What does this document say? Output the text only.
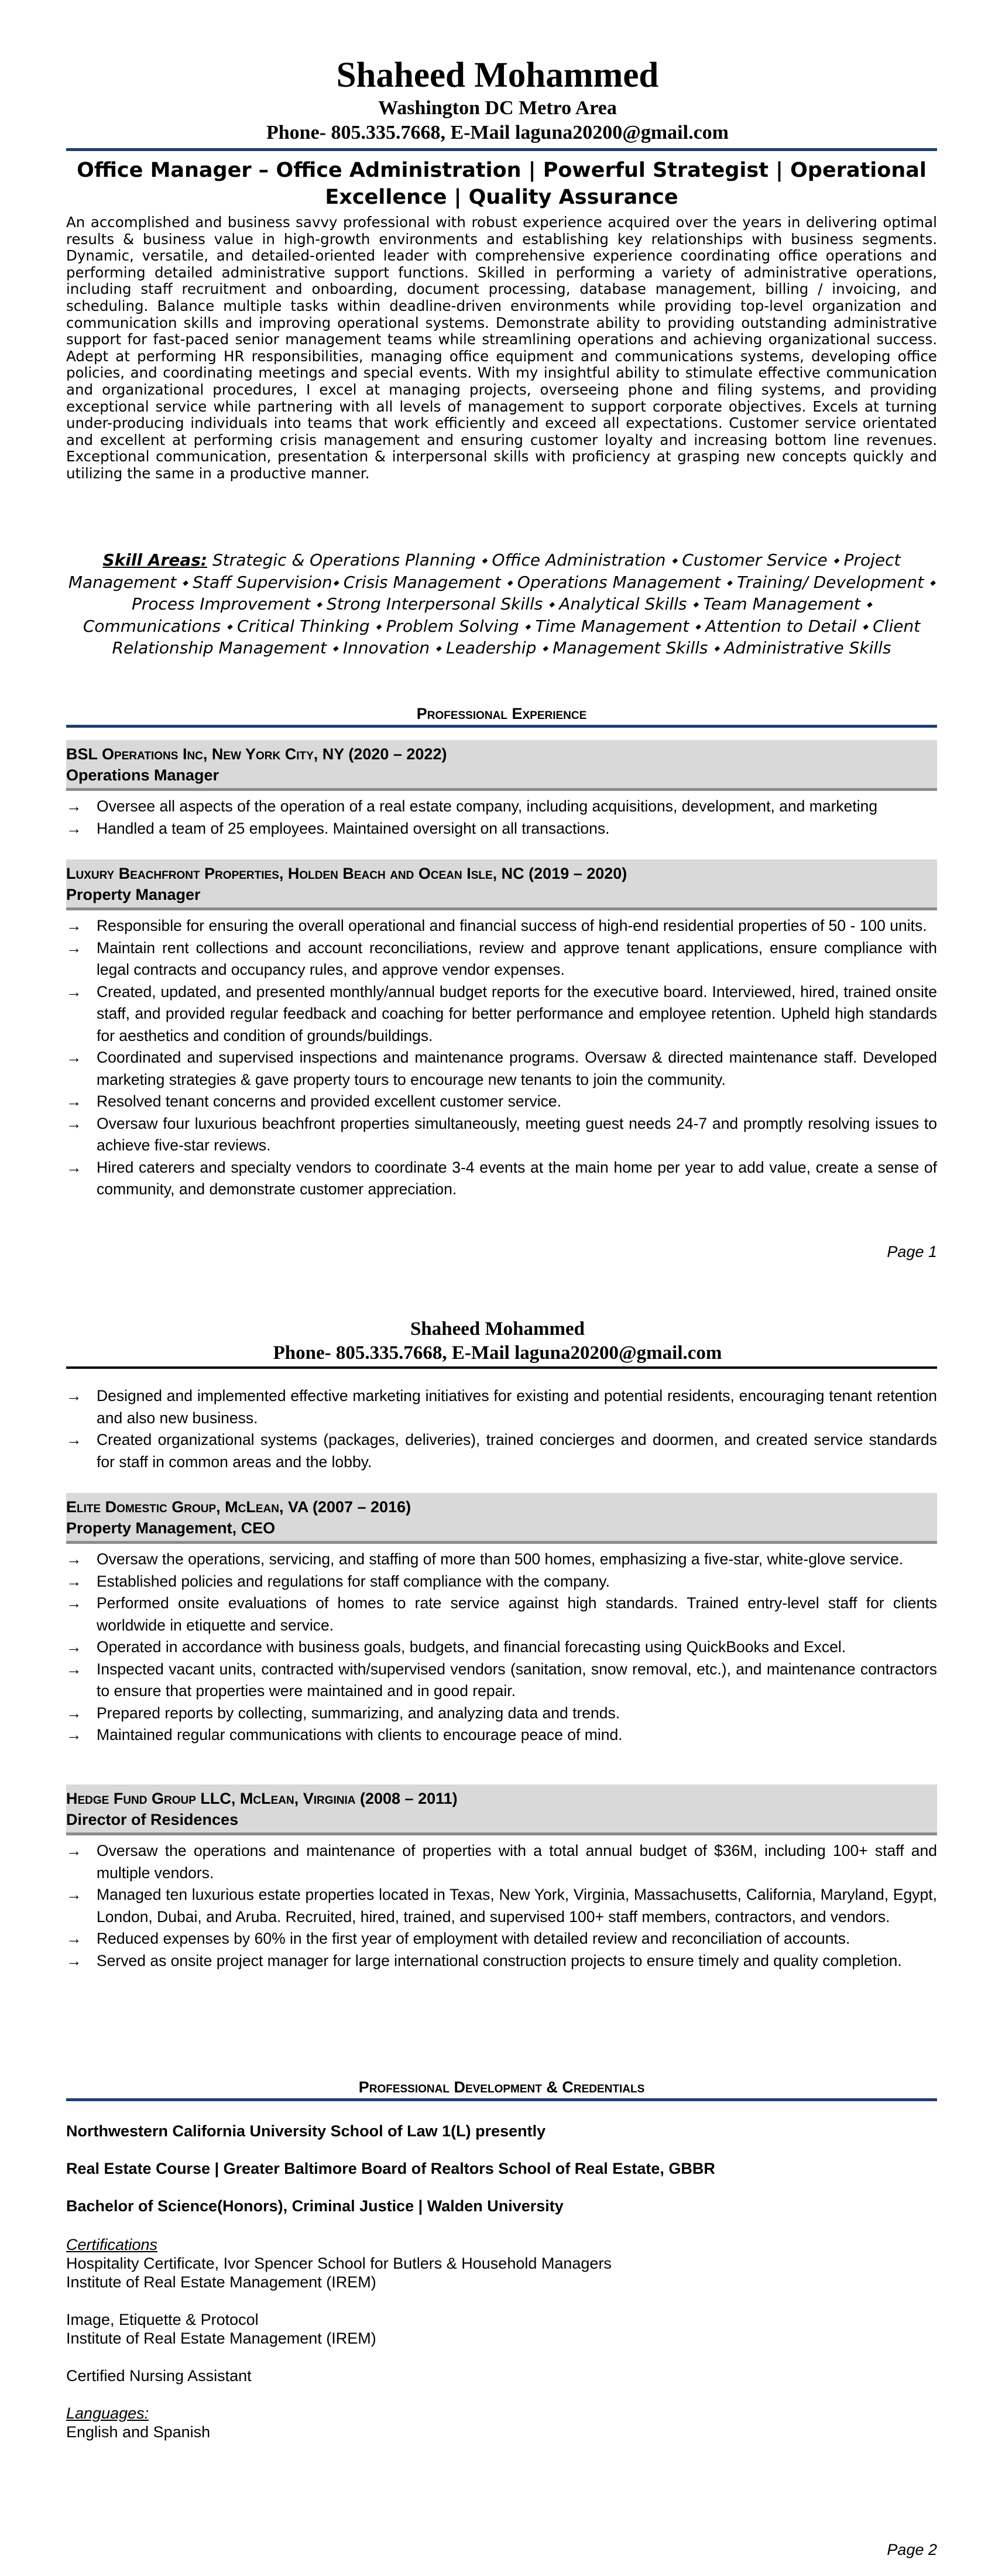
Shaheed Mohammed
Washington DC Metro Area
Phone- 805.335.7668, E-Mail laguna20200@gmail.com
Office Manager – Office Administration | Powerful Strategist | Operational Excellence | Quality Assurance
An accomplished and business savvy professional with robust experience acquired over the years in delivering optimal results & business value in high-growth environments and establishing key relationships with business segments. Dynamic, versatile, and detailed-oriented leader with comprehensive experience coordinating office operations and performing detailed administrative support functions. Skilled in performing a variety of administrative operations, including staff recruitment and onboarding, document processing, database management, billing / invoicing, and scheduling. Balance multiple tasks within deadline-driven environments while providing top-level organization and communication skills and improving operational systems. Demonstrate ability to providing outstanding administrative support for fast-paced senior management teams while streamlining operations and achieving organizational success. Adept at performing HR responsibilities, managing office equipment and communications systems, developing office policies, and coordinating meetings and special events. With my insightful ability to stimulate effective communication and organizational procedures, I excel at managing projects, overseeing phone and filing systems, and providing exceptional service while partnering with all levels of management to support corporate objectives. Excels at turning under-producing individuals into teams that work efficiently and exceed all expectations. Customer service orientated and excellent at performing crisis management and ensuring customer loyalty and increasing bottom line revenues. Exceptional communication, presentation & interpersonal skills with proficiency at grasping new concepts quickly and utilizing the same in a productive manner.
Skill Areas: Strategic & Operations Planning ⬩ Office Administration ⬩ Customer Service ⬩ Project Management ⬩ Staff Supervision⬩ Crisis Management ⬩ Operations Management ⬩ Training/ Development ⬩ Process Improvement ⬩ Strong Interpersonal Skills ⬩ Analytical Skills ⬩ Team Management ⬩ Communications ⬩ Critical Thinking ⬩ Problem Solving ⬩ Time Management ⬩ Attention to Detail ⬩ Client Relationship Management ⬩ Innovation ⬩ Leadership ⬩ Management Skills ⬩ Administrative Skills
Professional Experience
BSL Operations Inc, New York City, NY (2020 – 2022)
Operations Manager
→ Oversee all aspects of the operation of a real estate company, including acquisitions, development, and marketing
→ Handled a team of 25 employees. Maintained oversight on all transactions.
Luxury Beachfront Properties, Holden Beach and Ocean Isle, NC (2019 – 2020)
Property Manager
→ Responsible for ensuring the overall operational and financial success of high-end residential properties of 50 - 100 units.
→ Maintain rent collections and account reconciliations, review and approve tenant applications, ensure compliance with legal contracts and occupancy rules, and approve vendor expenses.
→ Created, updated, and presented monthly/annual budget reports for the executive board. Interviewed, hired, trained onsite staff, and provided regular feedback and coaching for better performance and employee retention. Upheld high standards for aesthetics and condition of grounds/buildings.
→ Coordinated and supervised inspections and maintenance programs. Oversaw & directed maintenance staff. Developed marketing strategies & gave property tours to encourage new tenants to join the community.
→ Resolved tenant concerns and provided excellent customer service.
→ Oversaw four luxurious beachfront properties simultaneously, meeting guest needs 24-7 and promptly resolving issues to achieve five-star reviews.
→ Hired caterers and specialty vendors to coordinate 3-4 events at the main home per year to add value, create a sense of community, and demonstrate customer appreciation.
Page 1
Shaheed Mohammed
Phone- 805.335.7668, E-Mail laguna20200@gmail.com
→ Designed and implemented effective marketing initiatives for existing and potential residents, encouraging tenant retention and also new business.
→ Created organizational systems (packages, deliveries), trained concierges and doormen, and created service standards for staff in common areas and the lobby.
Elite Domestic Group, McLean, VA (2007 – 2016)
Property Management, CEO
→ Oversaw the operations, servicing, and staffing of more than 500 homes, emphasizing a five-star, white-glove service.
→ Established policies and regulations for staff compliance with the company.
→ Performed onsite evaluations of homes to rate service against high standards. Trained entry-level staff for clients worldwide in etiquette and service.
→ Operated in accordance with business goals, budgets, and financial forecasting using QuickBooks and Excel.
→ Inspected vacant units, contracted with/supervised vendors (sanitation, snow removal, etc.), and maintenance contractors to ensure that properties were maintained and in good repair.
→ Prepared reports by collecting, summarizing, and analyzing data and trends.
→ Maintained regular communications with clients to encourage peace of mind.
Hedge Fund Group LLC, McLean, Virginia (2008 – 2011)
Director of Residences
→ Oversaw the operations and maintenance of properties with a total annual budget of $36M, including 100+ staff and multiple vendors.
→ Managed ten luxurious estate properties located in Texas, New York, Virginia, Massachusetts, California, Maryland, Egypt, London, Dubai, and Aruba. Recruited, hired, trained, and supervised 100+ staff members, contractors, and vendors.
→ Reduced expenses by 60% in the first year of employment with detailed review and reconciliation of accounts.
→ Served as onsite project manager for large international construction projects to ensure timely and quality completion.
Professional Development & Credentials
Northwestern California University School of Law 1(L) presently
Real Estate Course | Greater Baltimore Board of Realtors School of Real Estate, GBBR
Bachelor of Science(Honors), Criminal Justice | Walden University
Certifications
Hospitality Certificate, Ivor Spencer School for Butlers & Household Managers
Institute of Real Estate Management (IREM)
Image, Etiquette & Protocol
Institute of Real Estate Management (IREM)
Certified Nursing Assistant
Languages:
English and Spanish
Page 2
